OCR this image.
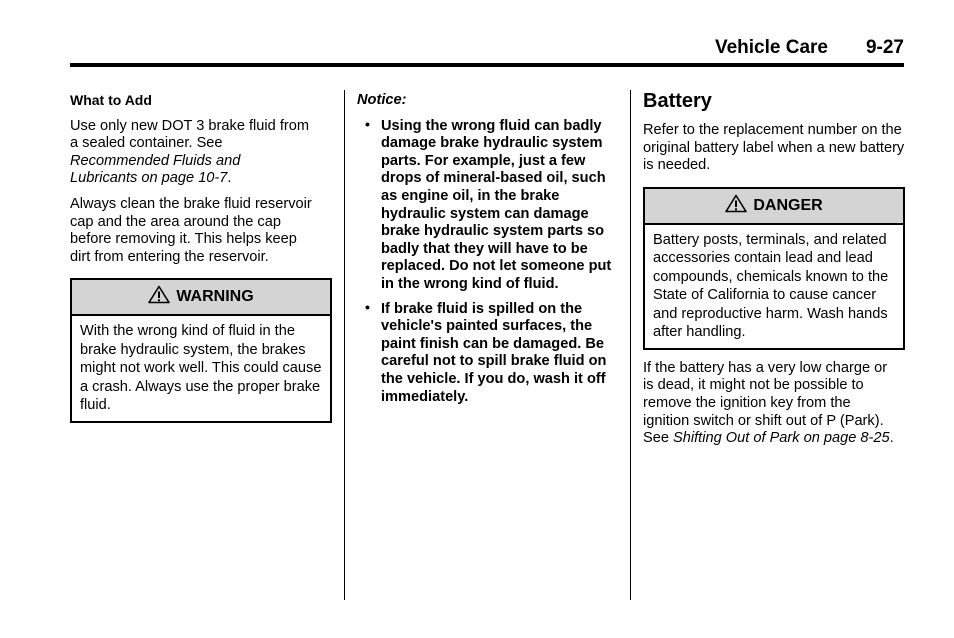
Vehicle Care 9-27

What to Add

Use only new DOT 3 brake fluid from a sealed container. See Recommended Fluids and Lubricants on page 10-7.

Always clean the brake fluid reservoir cap and the area around the cap before removing it. This helps keep dirt from entering the reservoir.

WARNING
With the wrong kind of fluid in the brake hydraulic system, the brakes might not work well. This could cause a crash. Always use the proper brake fluid.

Notice:

• Using the wrong fluid can badly damage brake hydraulic system parts. For example, just a few drops of mineral-based oil, such as engine oil, in the brake hydraulic system can damage brake hydraulic system parts so badly that they will have to be replaced. Do not let someone put in the wrong kind of fluid.
• If brake fluid is spilled on the vehicle's painted surfaces, the paint finish can be damaged. Be careful not to spill brake fluid on the vehicle. If you do, wash it off immediately.

Battery

Refer to the replacement number on the original battery label when a new battery is needed.

DANGER
Battery posts, terminals, and related accessories contain lead and lead compounds, chemicals known to the State of California to cause cancer and reproductive harm. Wash hands after handling.

If the battery has a very low charge or is dead, it might not be possible to remove the ignition key from the ignition switch or shift out of P (Park). See Shifting Out of Park on page 8-25.
